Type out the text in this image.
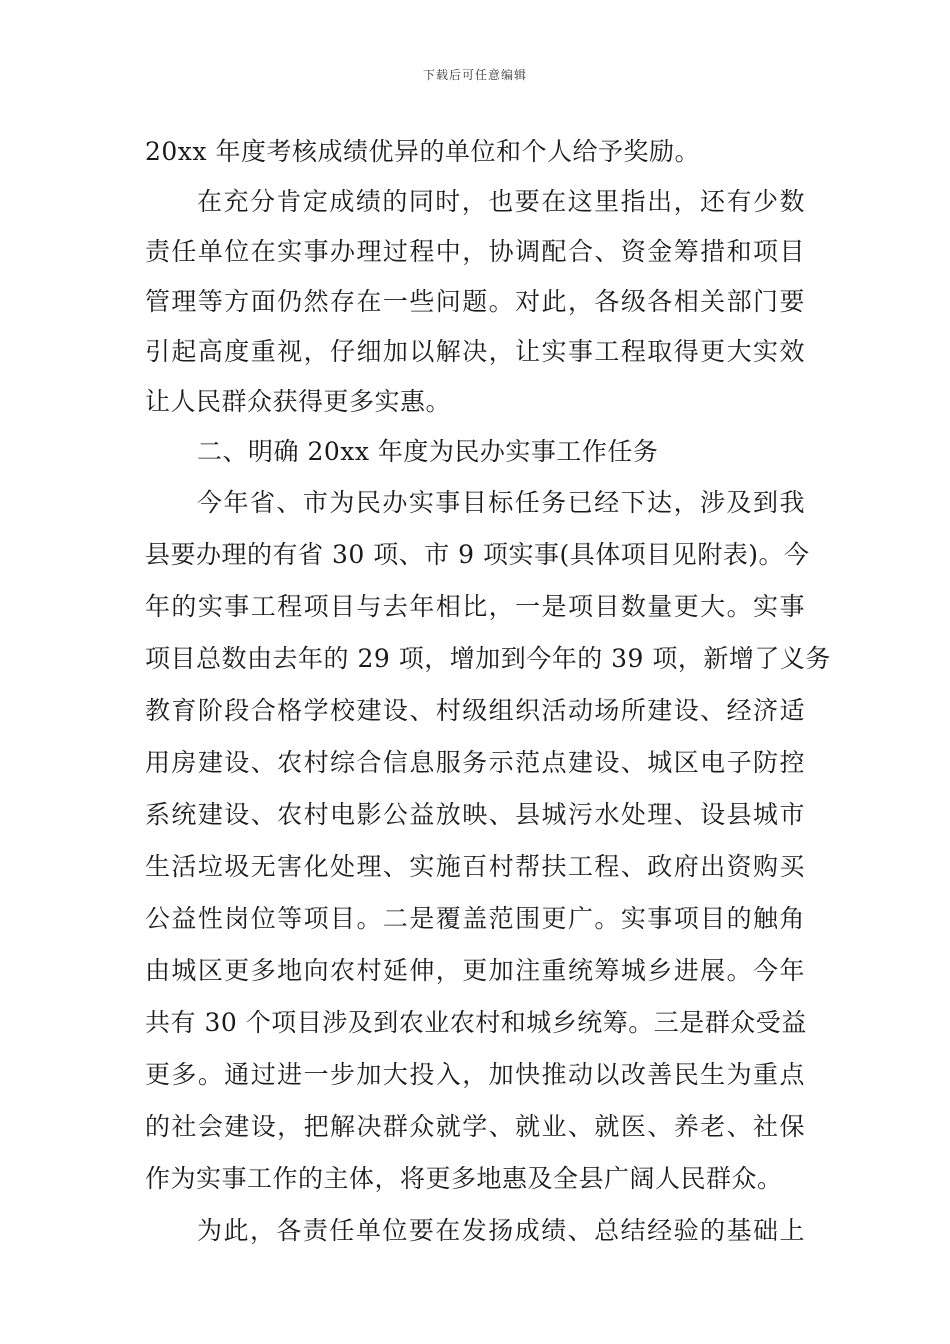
下载后可任意编辑
20xx 年度考核成绩优异的单位和个人给予奖励。
在充分肯定成绩的同时，也要在这里指出，还有少数
责任单位在实事办理过程中，协调配合、资金筹措和项目
管理等方面仍然存在一些问题。对此，各级各相关部门要
引起高度重视，仔细加以解决，让实事工程取得更大实效
让人民群众获得更多实惠。
二、明确 20xx 年度为民办实事工作任务
今年省、市为民办实事目标任务已经下达，涉及到我
县要办理的有省 30 项、市 9 项实事(具体项目见附表)。今
年的实事工程项目与去年相比，一是项目数量更大。实事
项目总数由去年的 29 项，增加到今年的 39 项，新增了义务
教育阶段合格学校建设、村级组织活动场所建设、经济适
用房建设、农村综合信息服务示范点建设、城区电子防控
系统建设、农村电影公益放映、县城污水处理、设县城市
生活垃圾无害化处理、实施百村帮扶工程、政府出资购买
公益性岗位等项目。二是覆盖范围更广。实事项目的触角
由城区更多地向农村延伸，更加注重统筹城乡进展。今年
共有 30 个项目涉及到农业农村和城乡统筹。三是群众受益
更多。通过进一步加大投入，加快推动以改善民生为重点
的社会建设，把解决群众就学、就业、就医、养老、社保
作为实事工作的主体，将更多地惠及全县广阔人民群众。
为此，各责任单位要在发扬成绩、总结经验的基础上
